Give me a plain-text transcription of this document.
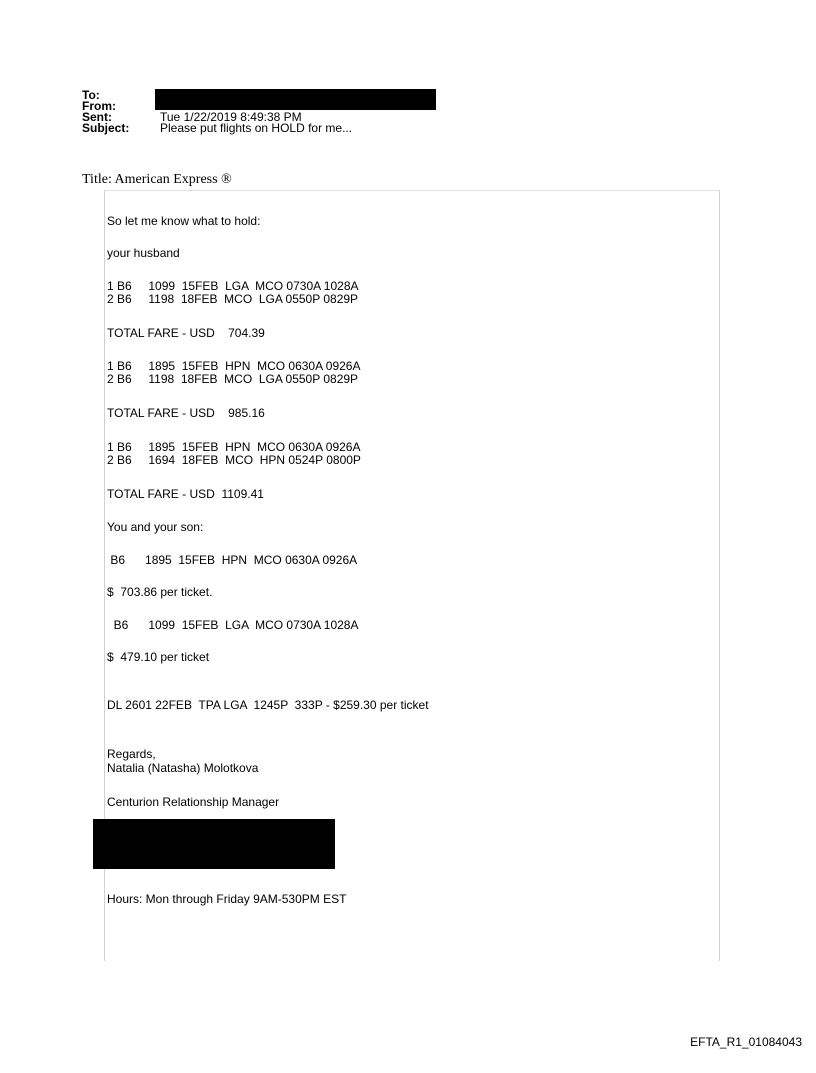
To:
From:
Sent:	Tue 1/22/2019 8:49:38 PM
Subject:	Please put flights on HOLD for me...
Title: American Express ®
So let me know what to hold:
your husband
1 B6     1099  15FEB  LGA  MCO 0730A 1028A
2 B6     1198  18FEB  MCO  LGA 0550P 0829P
TOTAL FARE - USD    704.39
1 B6     1895  15FEB  HPN  MCO 0630A 0926A
2 B6     1198  18FEB  MCO  LGA 0550P 0829P
TOTAL FARE - USD    985.16
1 B6     1895  15FEB  HPN  MCO 0630A 0926A
2 B6     1694  18FEB  MCO  HPN 0524P 0800P
TOTAL FARE - USD  1109.41
You and your son:
B6      1895  15FEB  HPN  MCO 0630A 0926A
$  703.86 per ticket.
B6      1099  15FEB  LGA  MCO 0730A 1028A
$  479.10 per ticket
DL 2601 22FEB  TPA LGA  1245P  333P - $259.30 per ticket
Regards,
Natalia (Natasha) Molotkova
Centurion Relationship Manager
Hours: Mon through Friday 9AM-530PM EST
EFTA_R1_01084043
